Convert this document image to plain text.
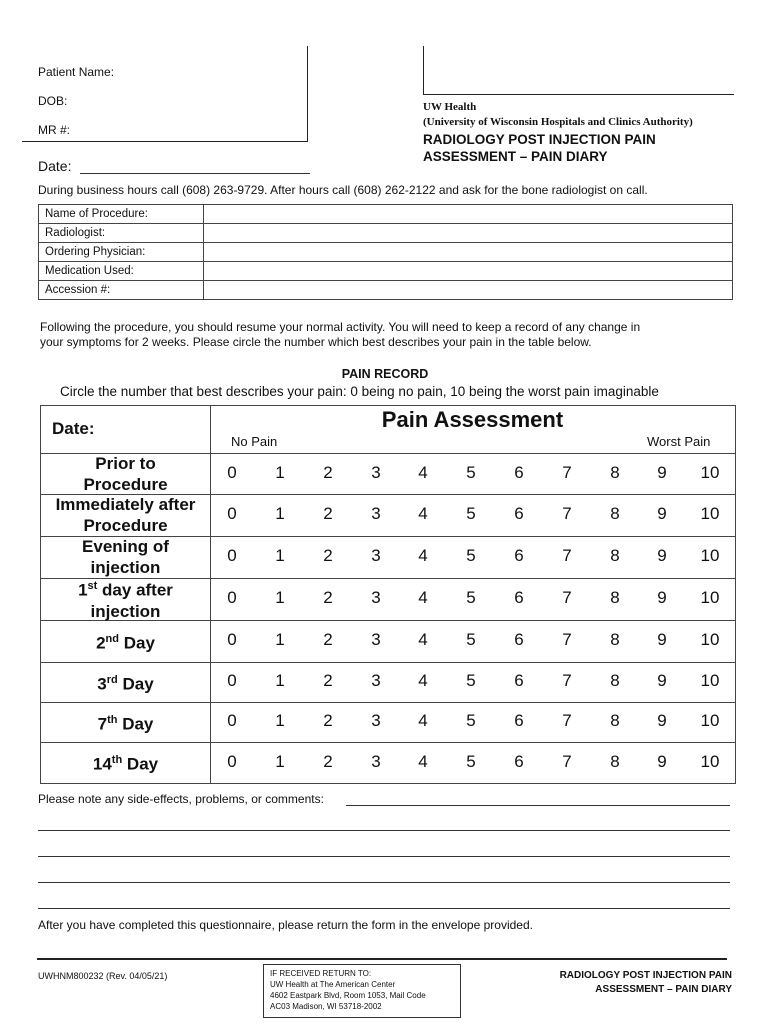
Patient Name:
DOB:
MR #:
Date:
UW Health
(University of Wisconsin Hospitals and Clinics Authority)
RADIOLOGY POST INJECTION PAIN
ASSESSMENT – PAIN DIARY
During business hours call (608) 263-9729. After hours call (608) 262-2122 and ask for the bone radiologist on call.
Name of Procedure:	
Radiologist:	
Ordering Physician:	
Medication Used:	
Accession #:	
Following the procedure, you should resume your normal activity. You will need to keep a record of any change in
your symptoms for 2 weeks. Please circle the number which best describes your pain in the table below.
PAIN RECORD
Circle the number that best describes your pain: 0 being no pain, 10 being the worst pain imaginable
Date:	Pain Assessment
No Pain	Worst Pain
Prior to
Procedure
0	1	2	3	4	5	6	7	8	9	10
Immediately after
Procedure
0	1	2	3	4	5	6	7	8	9	10
Evening of
injection
0	1	2	3	4	5	6	7	8	9	10
1st day after
injection
0	1	2	3	4	5	6	7	8	9	10
2nd Day	0	1	2	3	4	5	6	7	8	9	10
3rd Day	0	1	2	3	4	5	6	7	8	9	10
7th Day	0	1	2	3	4	5	6	7	8	9	10
14th Day	0	1	2	3	4	5	6	7	8	9	10
Please note any side-effects, problems, or comments:
After you have completed this questionnaire, please return the form in the envelope provided.
UWHNM800232 (Rev. 04/05/21)	IF RECEIVED RETURN TO:
UW Health at The American Center
4602 Eastpark Blvd, Room 1053, Mail Code
AC03 Madison, WI 53718-2002
RADIOLOGY POST INJECTION PAIN
ASSESSMENT – PAIN DIARY
